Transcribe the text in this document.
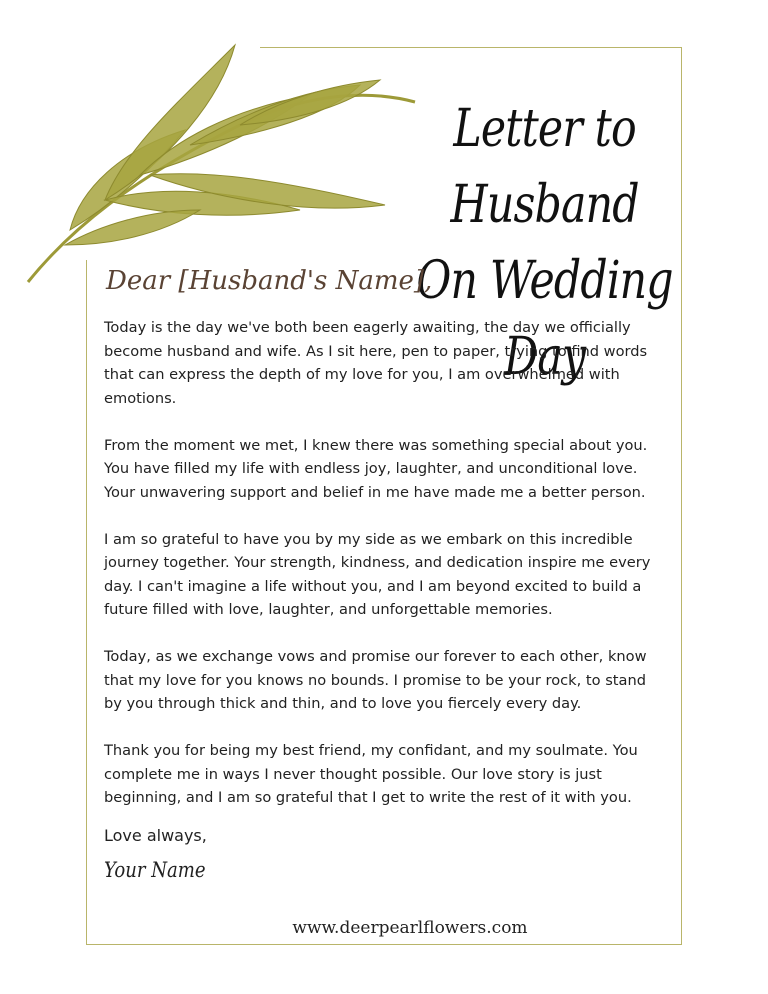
Letter to Husband
On Wedding Day
Dear [Husband's Name],

Today is the day we've both been eagerly awaiting, the day we officially become husband and wife. As I sit here, pen to paper, trying to find words that can express the depth of my love for you, I am overwhelmed with emotions.

From the moment we met, I knew there was something special about you. You have filled my life with endless joy, laughter, and unconditional love. Your unwavering support and belief in me have made me a better person.

I am so grateful to have you by my side as we embark on this incredible journey together. Your strength, kindness, and dedication inspire me every day. I can't imagine a life without you, and I am beyond excited to build a future filled with love, laughter, and unforgettable memories.

Today, as we exchange vows and promise our forever to each other, know that my love for you knows no bounds. I promise to be your rock, to stand by you through thick and thin, and to love you fiercely every day.

Thank you for being my best friend, my confidant, and my soulmate. You complete me in ways I never thought possible. Our love story is just beginning, and I am so grateful that I get to write the rest of it with you.

Love always,
Your Name
www.deerpearlflowers.com
